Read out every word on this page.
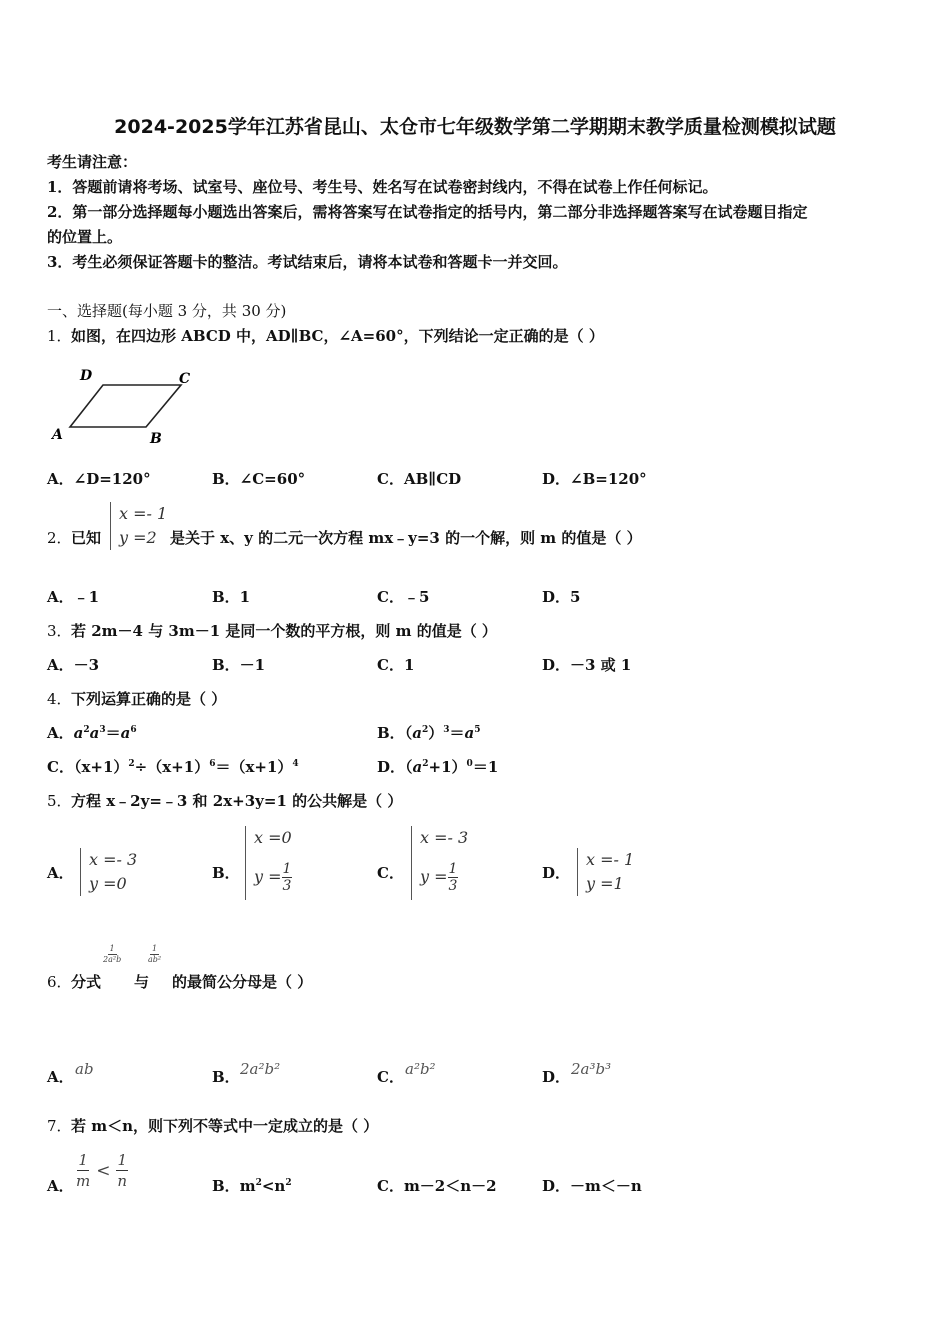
2024-2025学年江苏省昆山、太仓市七年级数学第二学期期末教学质量检测模拟试题
考生请注意：
1．答题前请将考场、试室号、座位号、考生号、姓名写在试卷密封线内，不得在试卷上作任何标记。
2．第一部分选择题每小题选出答案后，需将答案写在试卷指定的括号内，第二部分非选择题答案写在试卷题目指定
的位置上。
3．考生必须保证答题卡的整洁。考试结束后，请将本试卷和答题卡一并交回。
一、选择题(每小题 3 分，共 30 分)
1． 如图，在四边形 ABCD 中，AD∥BC，∠A=60°，下列结论一定正确的是（ ）
A	B
C
D
A．∠D=120°	B．∠C=60°	C．AB∥CD	D．∠B=120°
2． 已知
x =- 1
y =2 是关于 x、y 的二元一次方程 mx﹣y=3 的一个解，则 m 的值是（ ）
A．﹣1	B．1	C．﹣5	D．5
3． 若 2m－4 与 3m－1 是同一个数的平方根，则 m 的值是（ ）
A．－3	B．－1	C．1	D．－3 或 1
4． 下列运算正确的是（ ）
A．$a^2a^3=a^6$	B．$(a^2)^3=a^5$
C．$(x+1)^2\div(x+1)^6=(x+1)^4$	D．$(a^2+1)^0=1$
5． 方程 x﹣2y=﹣3 和 2x+3y=1 的公共解是（ ）
A．
x =- 3
y =0
B．
x =0
$y = \frac{1}{3}$	C．
x =- 3
$y = \frac{1}{3}$	D．
x =- 1
y =1
6． 分式
$\frac{1}{\text{2a²b}}$
与
$\frac{1}{\text{ab²}}$
的最简公分母是（ ）
A． ab	B． 2a²b²	C． a²b²	D． 2a³b³
7． 若 m＜n，则下列不等式中一定成立的是（ ）
A． $\frac{1}{m} < \frac{1}{n}$	B．$m^2<n^2$	C．m－2＜n－2	D．－m＜－n
